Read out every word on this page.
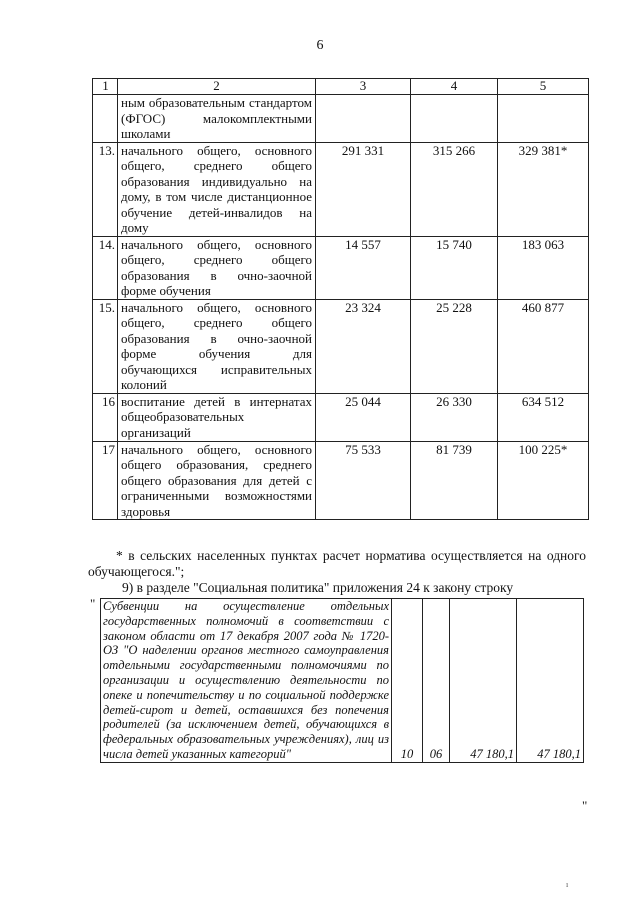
6
1	2	3	4	5
	ным образовательным стандартом (ФГОС) малокомплектными школами			
13.	начального общего, основного общего, среднего общего образования индивидуально на дому, в том числе дистанционное обучение детей-инвалидов на дому	291 331	315 266	329 381*
14.	начального общего, основного общего, среднего общего образования в очно-заочной форме обучения	14 557	15 740	183 063
15.	начального общего, основного общего, среднего общего образования в очно-заочной форме обучения для обучающихся исправительных колоний	23 324	25 228	460 877
16	воспитание детей в интернатах общеобразовательных организаций	25 044	26 330	634 512
17	начального общего, основного общего образования, среднего общего образования для детей с ограниченными возможностями здоровья	75 533	81 739	100 225*
* в сельских населенных пунктах расчет норматива осуществляется на одного обучающегося.";
9) в разделе "Социальная политика" приложения 24 к закону строку
" Субвенции на осуществление отдельных государственных полномочий в соответствии с законом области от 17 декабря 2007 года № 1720-ОЗ "О наделении органов местного самоуправления отдельными государственными полномочиями по организации и осуществлению деятельности по опеке и попечительству и по социальной поддержке детей-сирот и детей, оставшихся без попечения родителей (за исключением детей, обучающихся в федеральных образовательных учреждениях), лиц из числа детей указанных категорий"	10	06	47 180,1	47 180,1
"
ı
